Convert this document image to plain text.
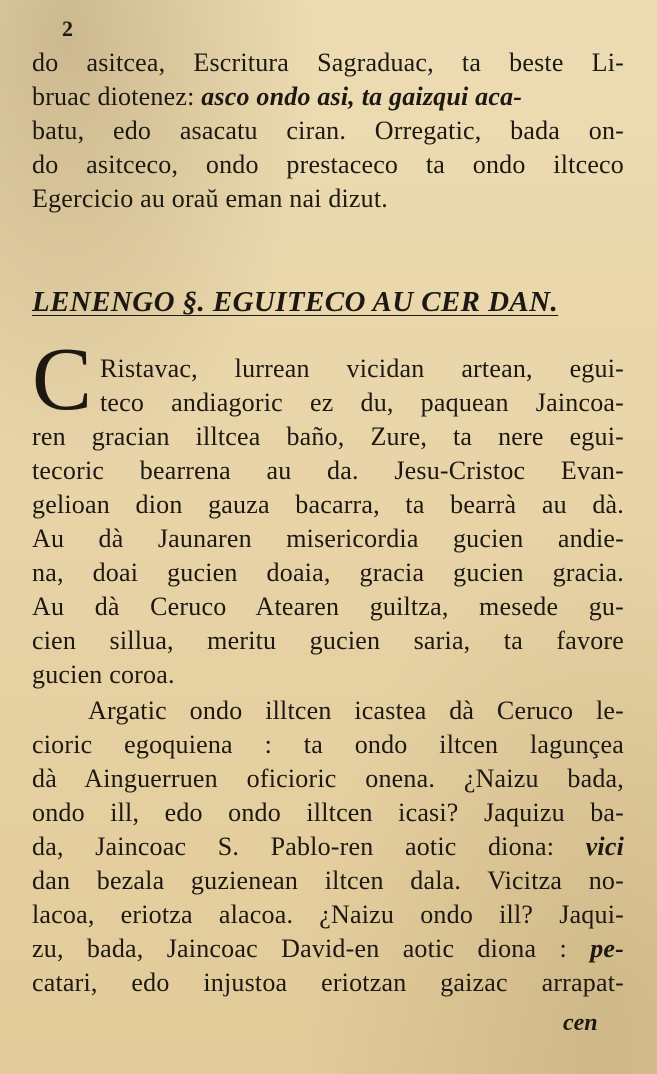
2
do asitcea, Escritura Sagraduac, ta beste Li-
bruac diotenez: asco ondo asi, ta gaizqui aca-
batu, edo asacatu ciran. Orregatic, bada on-
do asitceco, ondo prestaceco ta ondo iltceco
Egercicio au oraŭ eman nai dizut.
LENENGO §. EGUITECO AU CER DAN.
C Ristavac, lurrean vicidan artean, egui-
teco andiagoric ez du, paquean Jaincoa-
ren gracian illtcea baño, Zure, ta nere egui-
tecoric bearrena au da. Jesu-Cristoc Evan-
gelioan dion gauza bacarra, ta bearrà au dà.
Au dà Jaunaren misericordia gucien andie-
na, doai gucien doaia, gracia gucien gracia.
Au dà Ceruco Atearen guiltza, mesede gu-
cien sillua, meritu gucien saria, ta favore
gucien coroa.
Argatic ondo illtcen icastea dà Ceruco le-
cioric egoquiena : ta ondo iltcen lagunçea
dà Ainguerruen oficioric onena. ¿Naizu bada,
ondo ill, edo ondo illtcen icasi? Jaquizu ba-
da, Jaincoac S. Pablo-ren aotic diona: vici
dan bezala guzienean iltcen dala. Vicitza no-
lacoa, eriotza alacoa. ¿Naizu ondo ill? Jaqui-
zu, bada, Jaincoac David-en aotic diona : pe-
catari, edo injustoa eriotzan gaizac arrapat-
cen
